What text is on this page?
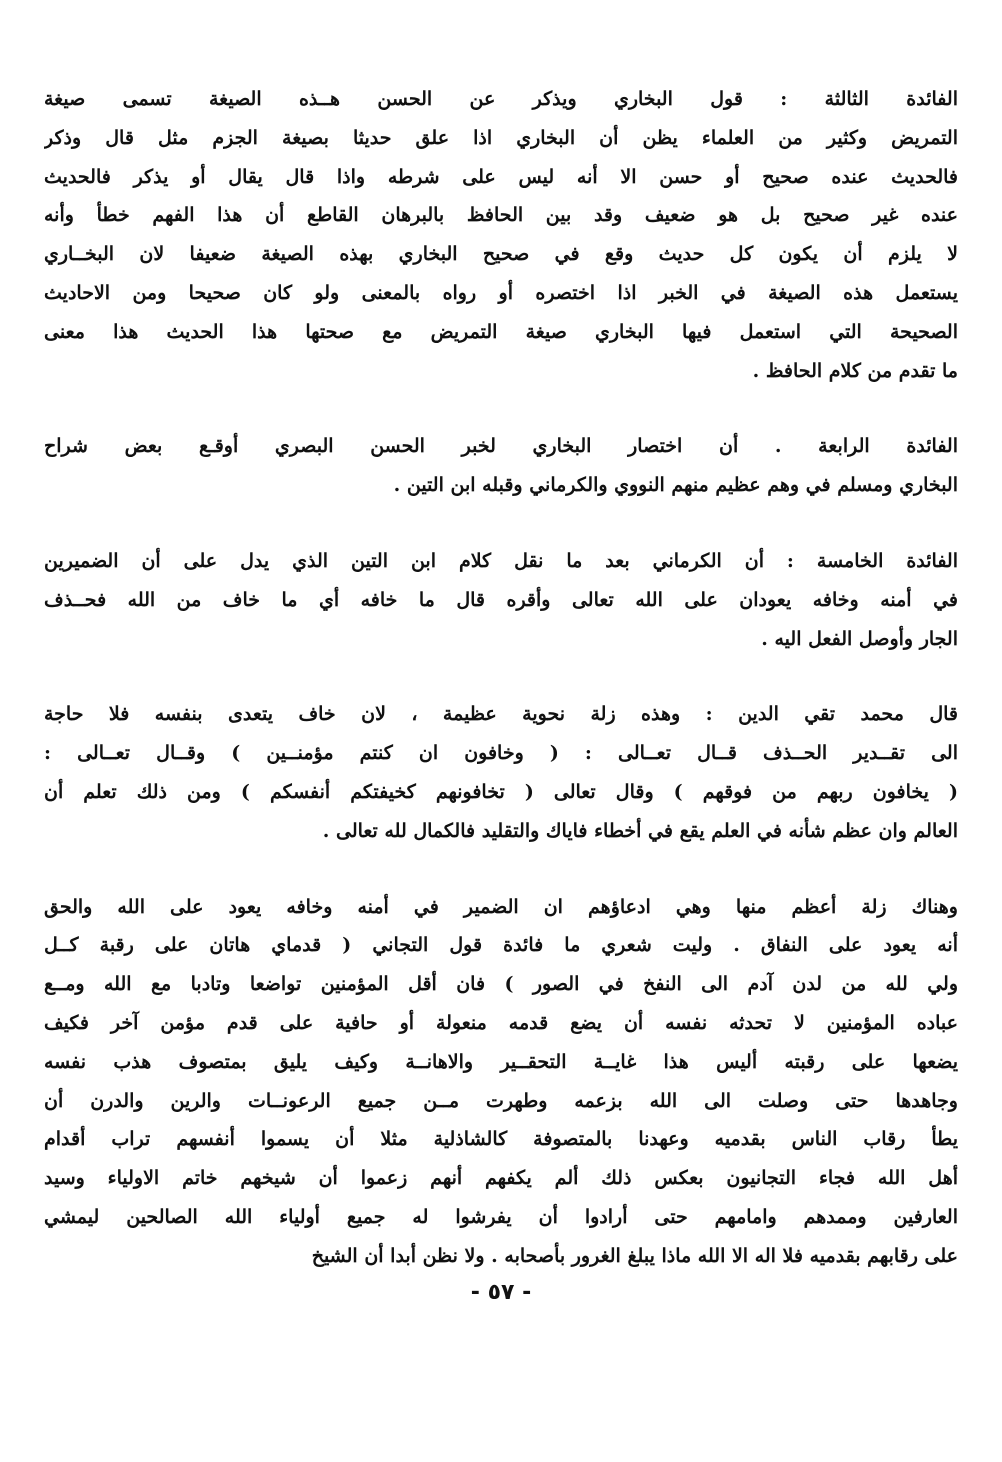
الفائدة الثالثة : قول البخاري ويذكر عن الحسن هــذه الصيغة تسمى صيغة
التمريض وكثير من العلماء يظن أن البخاري اذا علق حديثا بصيغة الجزم مثل قال وذكر
فالحديث عنده صحيح أو حسن الا أنه ليس على شرطه واذا قال يقال أو يذكر فالحديث
عنده غير صحيح بل هو ضعيف وقد بين الحافظ بالبرهان القاطع أن هذا الفهم خطأ وأنه
لا يلزم أن يكون كل حديث وقع في صحيح البخاري بهذه الصيغة ضعيفا لان البخــاري
يستعمل هذه الصيغة في الخبر اذا اختصره أو رواه بالمعنى ولو كان صحيحا ومن الاحاديث
الصحيحة التي استعمل فيها البخاري صيغة التمريض مع صحتها هذا الحديث هذا معنى
ما تقدم من كلام الحافظ .
الفائدة الرابعة . أن اختصار البخاري لخبر الحسن البصري أوقـع بعض شراح
البخاري ومسلم في وهم عظيم منهم النووي والكرماني وقبله ابن التين .
الفائدة الخامسة : أن الكرماني بعد ما نقل كلام ابن التين الذي يدل على أن الضميرين
في أمنه وخافه يعودان على الله تعالى وأقره قال ما خافه أي ما خاف من الله فحــذف
الجار وأوصل الفعل اليه .
قال محمد تقي الدين : وهذه زلة نحوية عظيمة ، لان خاف يتعدى بنفسه فلا حاجة
الى تقــدير الحــذف قــال تعــالى : ( وخافون ان كنتم مؤمنــين ) وقــال تعــالى :
( يخافون ربهم من فوقهم ) وقال تعالى ( تخافونهم كخيفتكم أنفسكم ) ومن ذلك تعلم أن
العالم وان عظم شأنه في العلم يقع في أخطاء فاياك والتقليد فالكمال لله تعالى .
وهناك زلة أعظم منها وهي ادعاؤهم ان الضمير في أمنه وخافه يعود على الله والحق
أنه يعود على النفاق . وليت شعري ما فائدة قول التجاني ( قدماي هاتان على رقبة كــل
ولي لله من لدن آدم الى النفخ في الصور ) فان أقل المؤمنين تواضعا وتادبا مع الله ومــع
عباده المؤمنين لا تحدثه نفسه أن يضع قدمه منعولة أو حافية على قدم مؤمن آخر فكيف
يضعها على رقبته أليس هذا غايــة التحقــير والاهانــة وكيف يليق بمتصوف هذب نفسه
وجاهدها حتى وصلت الى الله بزعمه وطهرت مــن جميع الرعونــات والرين والدرن أن
يطأ رقاب الناس بقدميه وعهدنا بالمتصوفة كالشاذلية مثلا أن يسموا أنفسهم تراب أقدام
أهل الله فجاء التجانيون بعكس ذلك ألم يكفهم أنهم زعموا أن شيخهم خاتم الاولياء وسيد
العارفين وممدهم وامامهم حتى أرادوا أن يفرشوا له جميع أولياء الله الصالحين ليمشي
على رقابهم بقدميه فلا اله الا الله ماذا يبلغ الغرور بأصحابه . ولا نظن أبدا أن الشيخ
- ٥٧ -
